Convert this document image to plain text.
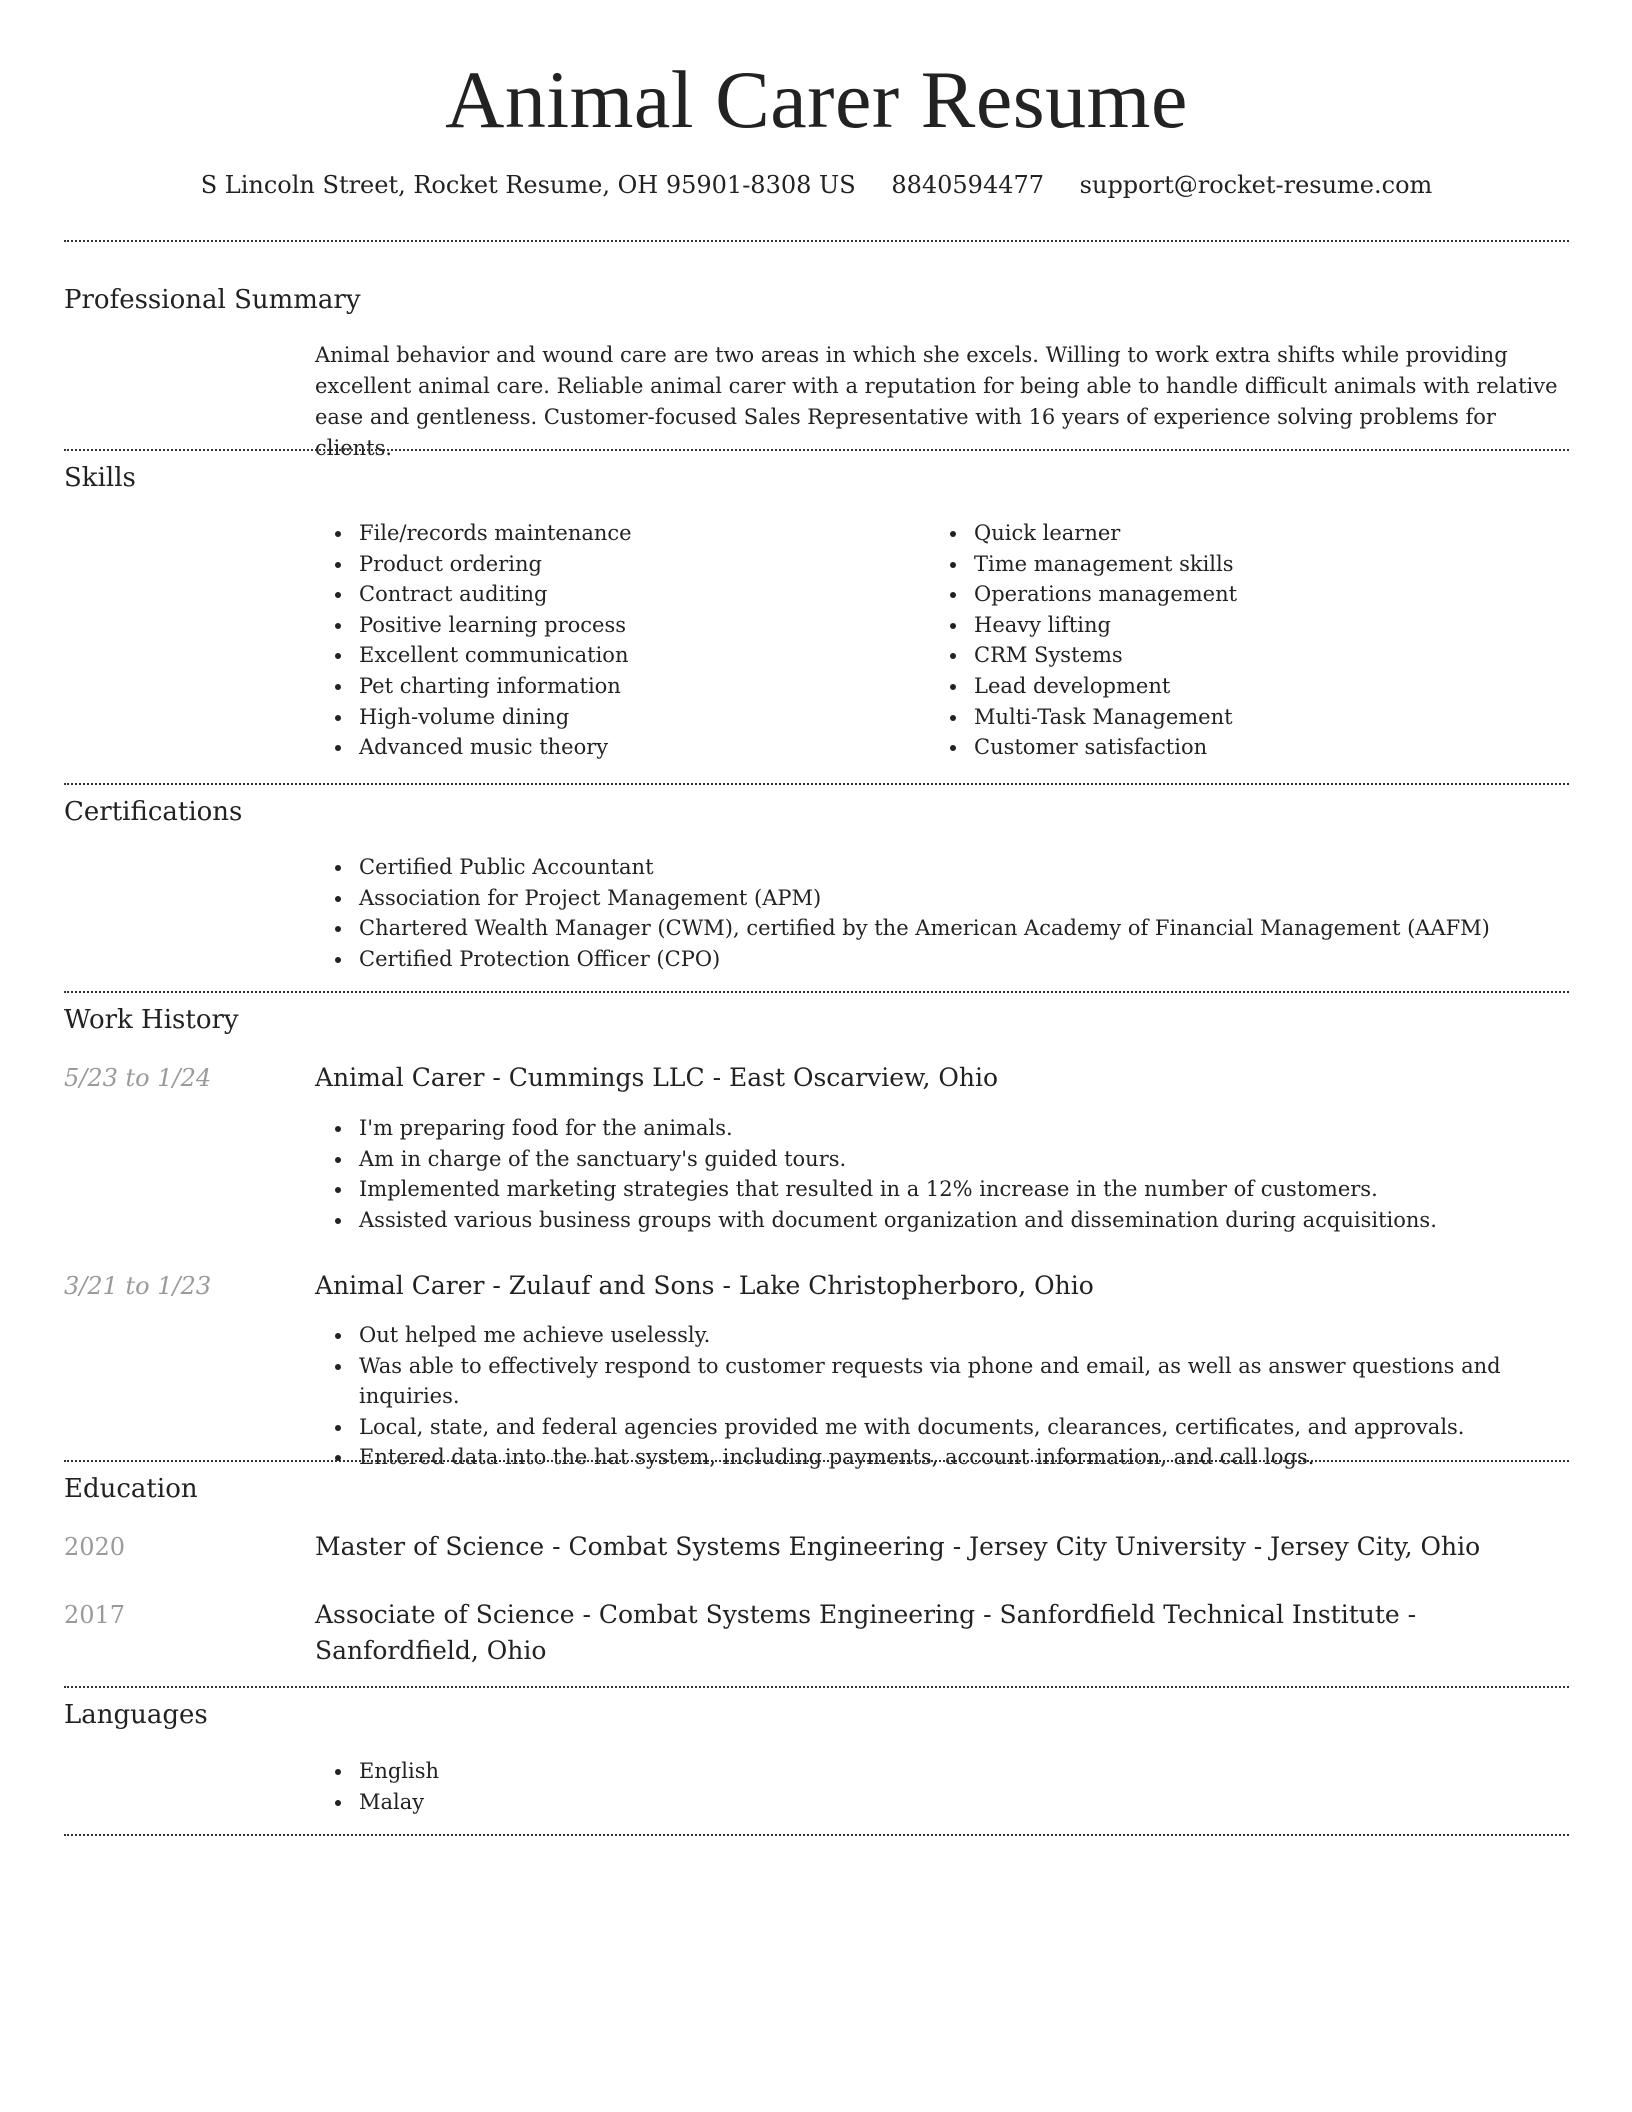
Animal Carer Resume
S Lincoln Street, Rocket Resume, OH 95901-8308 US 8840594477 support@rocket-resume.com
Professional Summary
Animal behavior and wound care are two areas in which she excels. Willing to work extra shifts while providing excellent animal care. Reliable animal carer with a reputation for being able to handle difficult animals with relative ease and gentleness. Customer-focused Sales Representative with 16 years of experience solving problems for clients.
Skills
File/records maintenance
Product ordering
Contract auditing
Positive learning process
Excellent communication
Pet charting information
High-volume dining
Advanced music theory
Quick learner
Time management skills
Operations management
Heavy lifting
CRM Systems
Lead development
Multi-Task Management
Customer satisfaction
Certifications
Certified Public Accountant
Association for Project Management (APM)
Chartered Wealth Manager (CWM), certified by the American Academy of Financial Management (AAFM)
Certified Protection Officer (CPO)
Work History
5/23 to 1/24	Animal Carer - Cummings LLC - East Oscarview, Ohio
I'm preparing food for the animals.
Am in charge of the sanctuary's guided tours.
Implemented marketing strategies that resulted in a 12% increase in the number of customers.
Assisted various business groups with document organization and dissemination during acquisitions.
3/21 to 1/23	Animal Carer - Zulauf and Sons - Lake Christopherboro, Ohio
Out helped me achieve uselessly.
Was able to effectively respond to customer requests via phone and email, as well as answer questions and inquiries.
Local, state, and federal agencies provided me with documents, clearances, certificates, and approvals.
Entered data into the hat system, including payments, account information, and call logs.
Education
2020	Master of Science - Combat Systems Engineering - Jersey City University - Jersey City, Ohio
2017	Associate of Science - Combat Systems Engineering - Sanfordfield Technical Institute - Sanfordfield, Ohio
Languages
English
Malay
